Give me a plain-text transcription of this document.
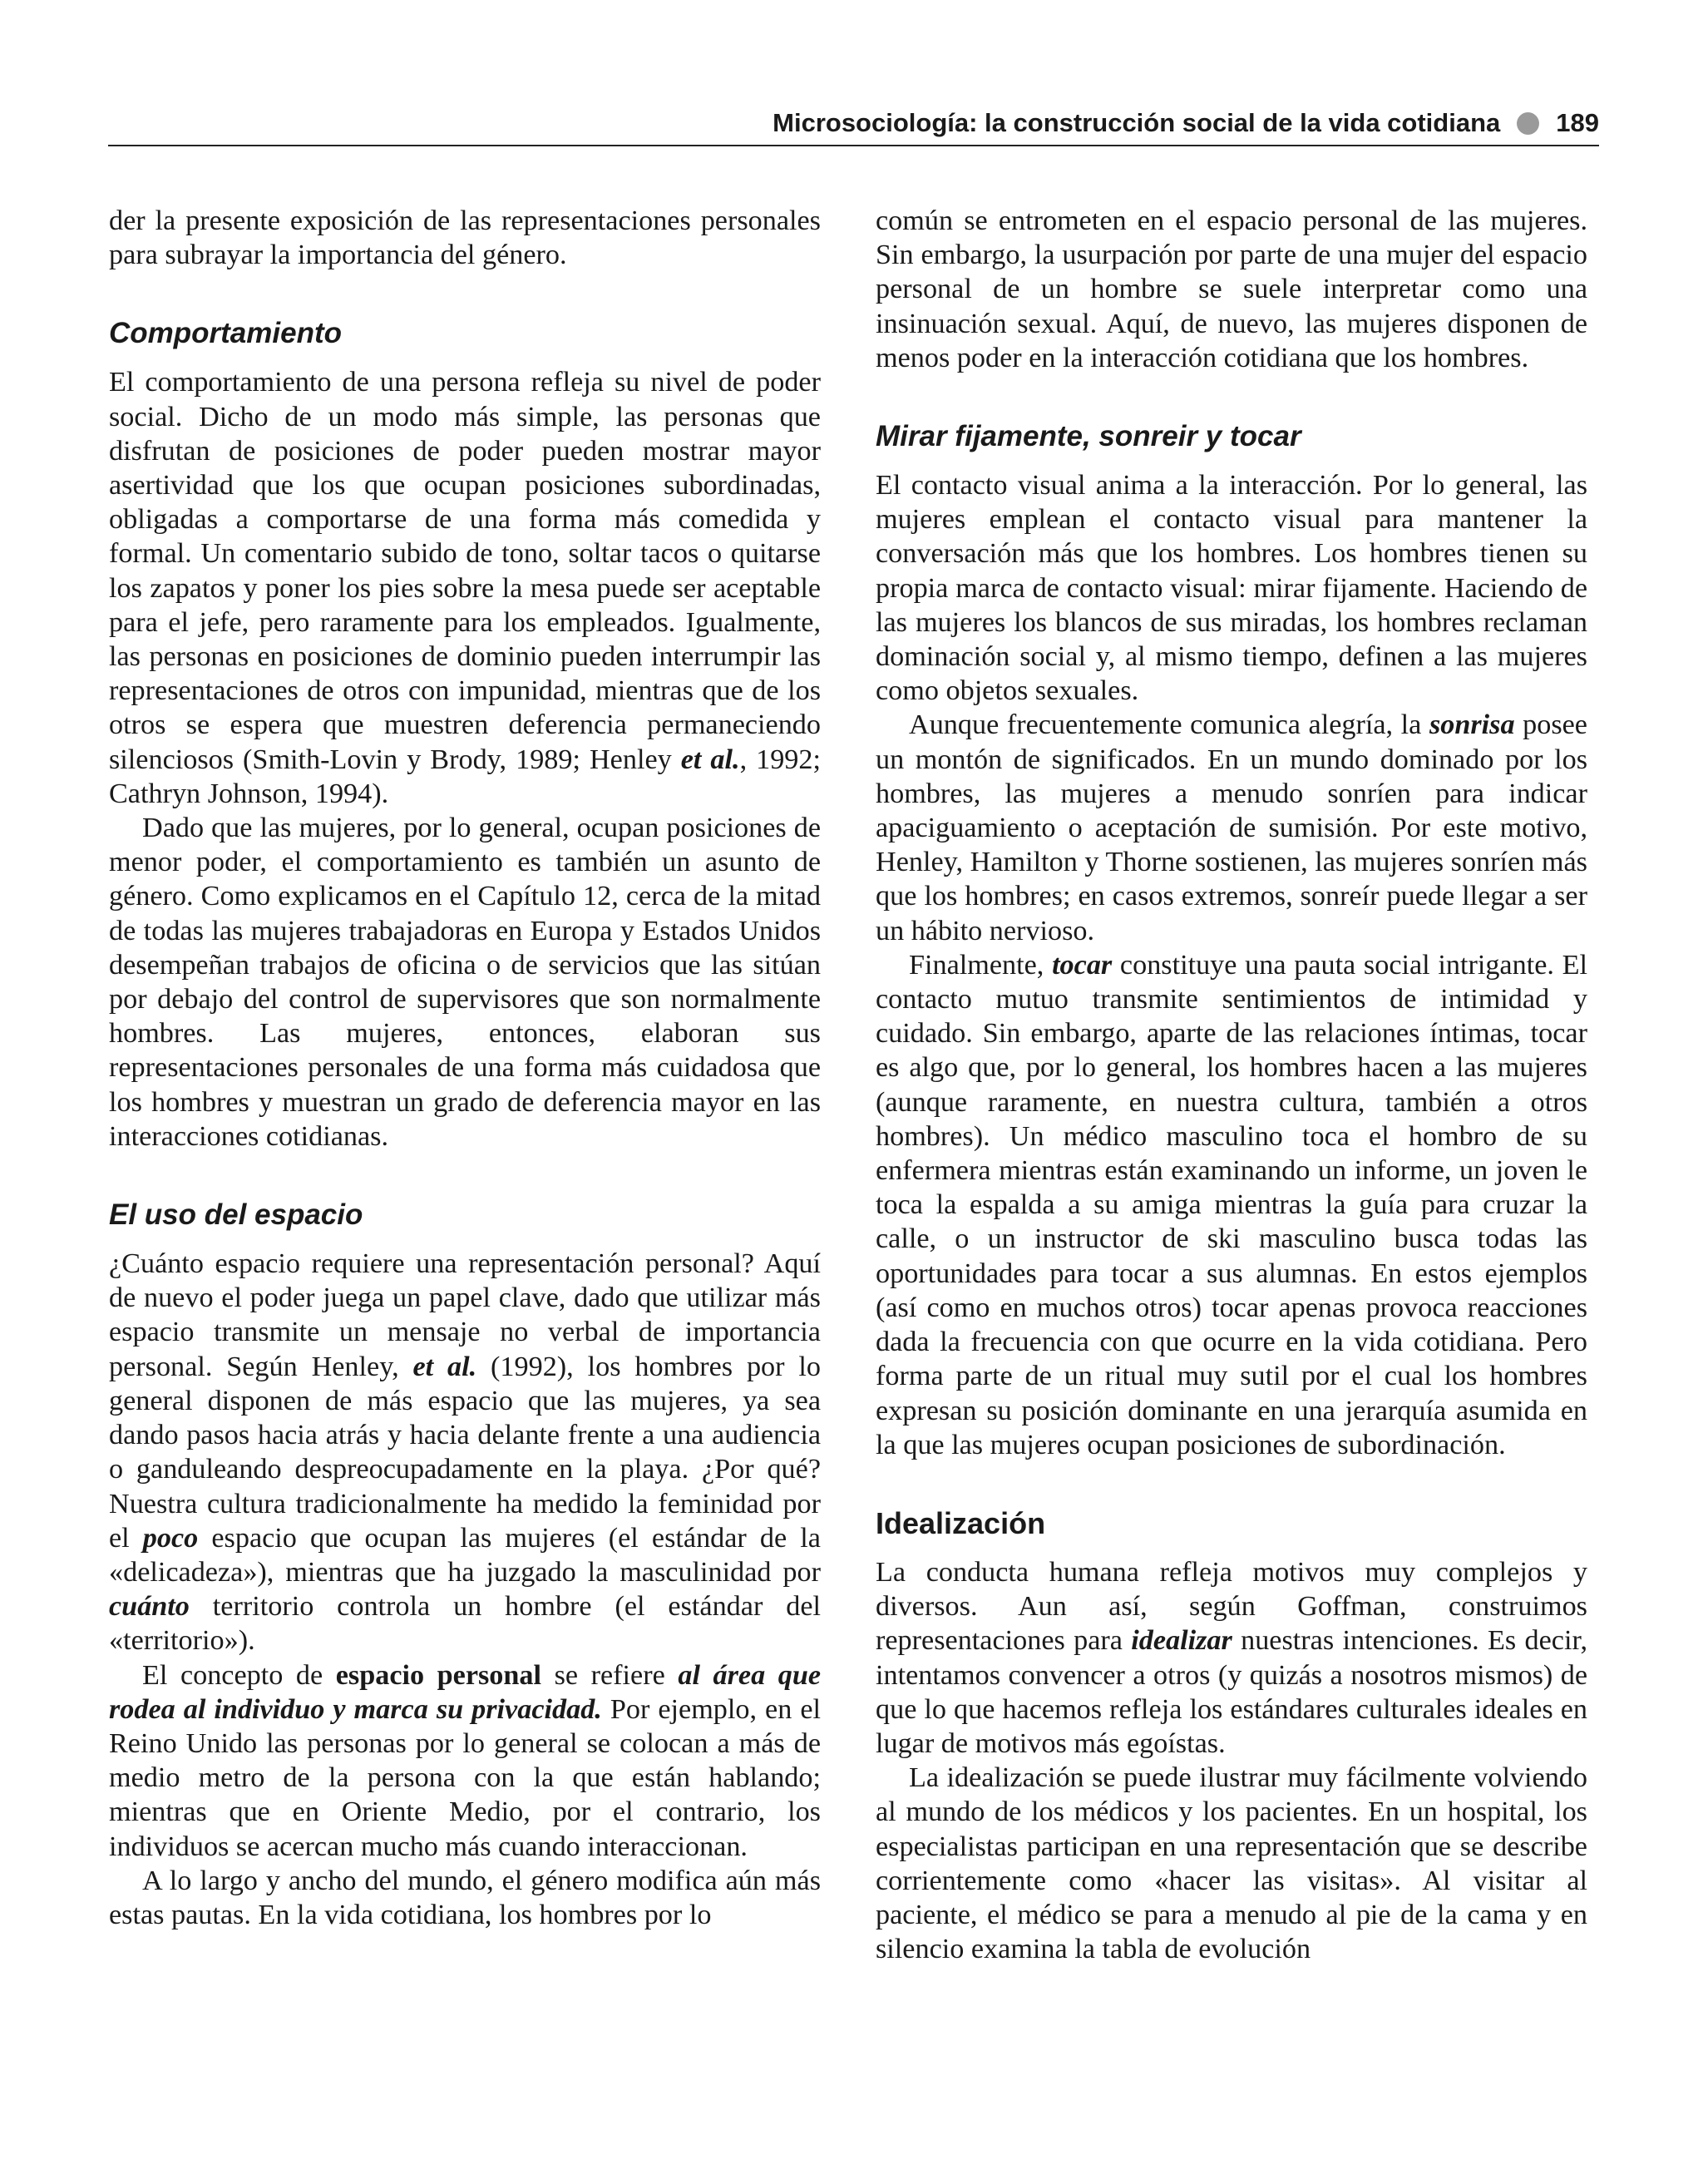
Microsociología: la construcción social de la vida cotidiana 189

der la presente exposición de las representaciones personales para subrayar la importancia del género.

Comportamiento

El comportamiento de una persona refleja su nivel de poder social. Dicho de un modo más simple, las personas que disfrutan de posiciones de poder pueden mostrar mayor asertividad que los que ocupan posiciones subordinadas, obligadas a comportarse de una forma más comedida y formal. Un comentario subido de tono, soltar tacos o quitarse los zapatos y poner los pies sobre la mesa puede ser aceptable para el jefe, pero raramente para los empleados. Igualmente, las personas en posiciones de dominio pueden interrumpir las representaciones de otros con impunidad, mientras que de los otros se espera que muestren deferencia permaneciendo silenciosos (Smith-Lovin y Brody, 1989; Henley et al., 1992; Cathryn Johnson, 1994).

Dado que las mujeres, por lo general, ocupan posiciones de menor poder, el comportamiento es también un asunto de género. Como explicamos en el Capítulo 12, cerca de la mitad de todas las mujeres trabajadoras en Europa y Estados Unidos desempeñan trabajos de oficina o de servicios que las sitúan por debajo del control de supervisores que son normalmente hombres. Las mujeres, entonces, elaboran sus representaciones personales de una forma más cuidadosa que los hombres y muestran un grado de deferencia mayor en las interacciones cotidianas.

El uso del espacio

¿Cuánto espacio requiere una representación personal? Aquí de nuevo el poder juega un papel clave, dado que utilizar más espacio transmite un mensaje no verbal de importancia personal. Según Henley, et al. (1992), los hombres por lo general disponen de más espacio que las mujeres, ya sea dando pasos hacia atrás y hacia delante frente a una audiencia o ganduleando despreocupadamente en la playa. ¿Por qué? Nuestra cultura tradicionalmente ha medido la feminidad por el poco espacio que ocupan las mujeres (el estándar de la «delicadeza»), mientras que ha juzgado la masculinidad por cuánto territorio controla un hombre (el estándar del «territorio»).

El concepto de espacio personal se refiere al área que rodea al individuo y marca su privacidad. Por ejemplo, en el Reino Unido las personas por lo general se colocan a más de medio metro de la persona con la que están hablando; mientras que en Oriente Medio, por el contrario, los individuos se acercan mucho más cuando interaccionan.

A lo largo y ancho del mundo, el género modifica aún más estas pautas. En la vida cotidiana, los hombres por lo

común se entrometen en el espacio personal de las mujeres. Sin embargo, la usurpación por parte de una mujer del espacio personal de un hombre se suele interpretar como una insinuación sexual. Aquí, de nuevo, las mujeres disponen de menos poder en la interacción cotidiana que los hombres.

Mirar fijamente, sonreir y tocar

El contacto visual anima a la interacción. Por lo general, las mujeres emplean el contacto visual para mantener la conversación más que los hombres. Los hombres tienen su propia marca de contacto visual: mirar fijamente. Haciendo de las mujeres los blancos de sus miradas, los hombres reclaman dominación social y, al mismo tiempo, definen a las mujeres como objetos sexuales.

Aunque frecuentemente comunica alegría, la sonrisa posee un montón de significados. En un mundo dominado por los hombres, las mujeres a menudo sonríen para indicar apaciguamiento o aceptación de sumisión. Por este motivo, Henley, Hamilton y Thorne sostienen, las mujeres sonríen más que los hombres; en casos extremos, sonreír puede llegar a ser un hábito nervioso.

Finalmente, tocar constituye una pauta social intrigante. El contacto mutuo transmite sentimientos de intimidad y cuidado. Sin embargo, aparte de las relaciones íntimas, tocar es algo que, por lo general, los hombres hacen a las mujeres (aunque raramente, en nuestra cultura, también a otros hombres). Un médico masculino toca el hombro de su enfermera mientras están examinando un informe, un joven le toca la espalda a su amiga mientras la guía para cruzar la calle, o un instructor de ski masculino busca todas las oportunidades para tocar a sus alumnas. En estos ejemplos (así como en muchos otros) tocar apenas provoca reacciones dada la frecuencia con que ocurre en la vida cotidiana. Pero forma parte de un ritual muy sutil por el cual los hombres expresan su posición dominante en una jerarquía asumida en la que las mujeres ocupan posiciones de subordinación.

Idealización

La conducta humana refleja motivos muy complejos y diversos. Aun así, según Goffman, construimos representaciones para idealizar nuestras intenciones. Es decir, intentamos convencer a otros (y quizás a nosotros mismos) de que lo que hacemos refleja los estándares culturales ideales en lugar de motivos más egoístas.

La idealización se puede ilustrar muy fácilmente volviendo al mundo de los médicos y los pacientes. En un hospital, los especialistas participan en una representación que se describe corrientemente como «hacer las visitas». Al visitar al paciente, el médico se para a menudo al pie de la cama y en silencio examina la tabla de evolución
